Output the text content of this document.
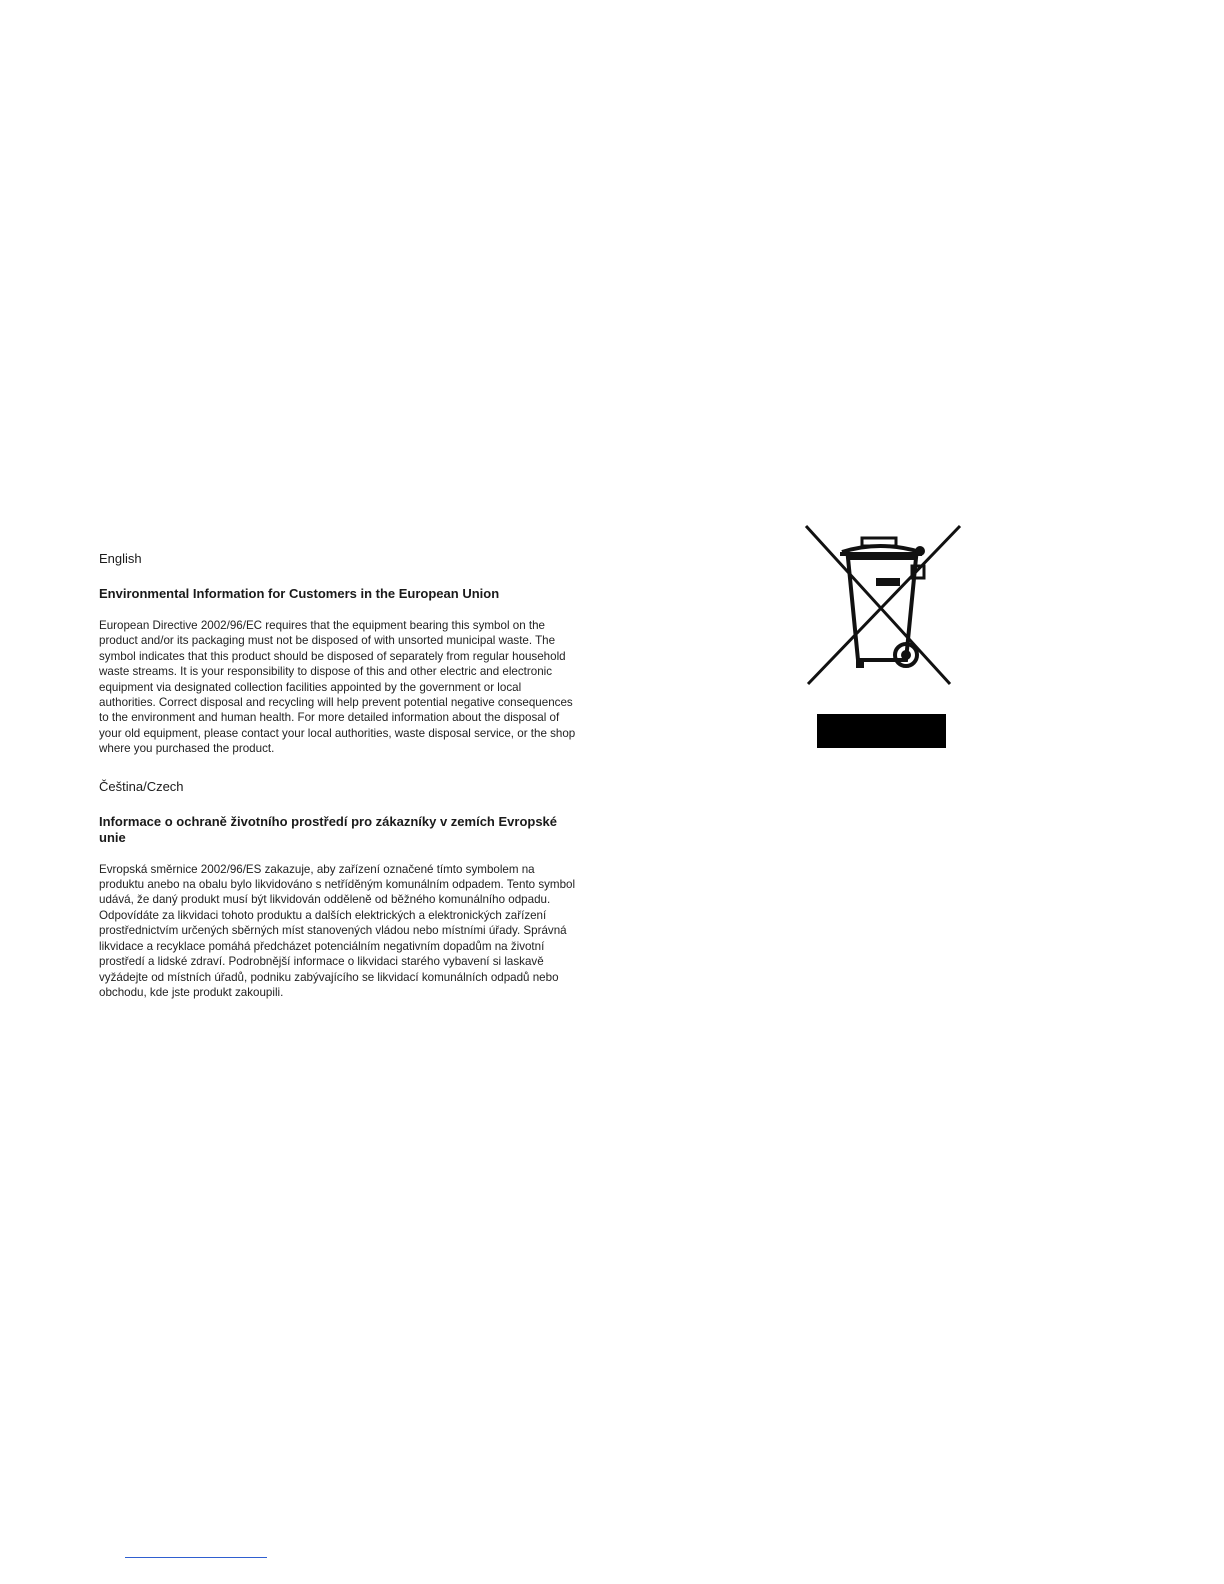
English
Environmental Information for Customers in the European Union

European Directive 2002/96/EC requires that the equipment bearing this symbol on the product and/or its packaging must not be disposed of with unsorted municipal waste. The symbol indicates that this product should be disposed of separately from regular household waste streams. It is your responsibility to dispose of this and other electric and electronic equipment via designated collection facilities appointed by the government or local authorities. Correct disposal and recycling will help prevent potential negative consequences to the environment and human health. For more detailed information about the disposal of your old equipment, please contact your local authorities, waste disposal service, or the shop where you purchased the product.

Čeština/Czech
Informace o ochraně životního prostředí pro zákazníky v zemích Evropské unie

Evropská směrnice 2002/96/ES zakazuje, aby zařízení označené tímto symbolem na produktu anebo na obalu bylo likvidováno s netříděným komunálním odpadem. Tento symbol udává, že daný produkt musí být likvidován odděleně od běžného komunálního odpadu. Odpovídáte za likvidaci tohoto produktu a dalších elektrických a elektronických zařízení prostřednictvím určených sběrných míst stanovených vládou nebo místními úřady. Správná likvidace a recyklace pomáhá předcházet potenciálním negativním dopadům na životní prostředí a lidské zdraví. Podrobnější informace o likvidaci starého vybavení si laskavě vyžádejte od místních úřadů, podniku zabývajícího se likvidací komunálních odpadů nebo obchodu, kde jste produkt zakoupili.
